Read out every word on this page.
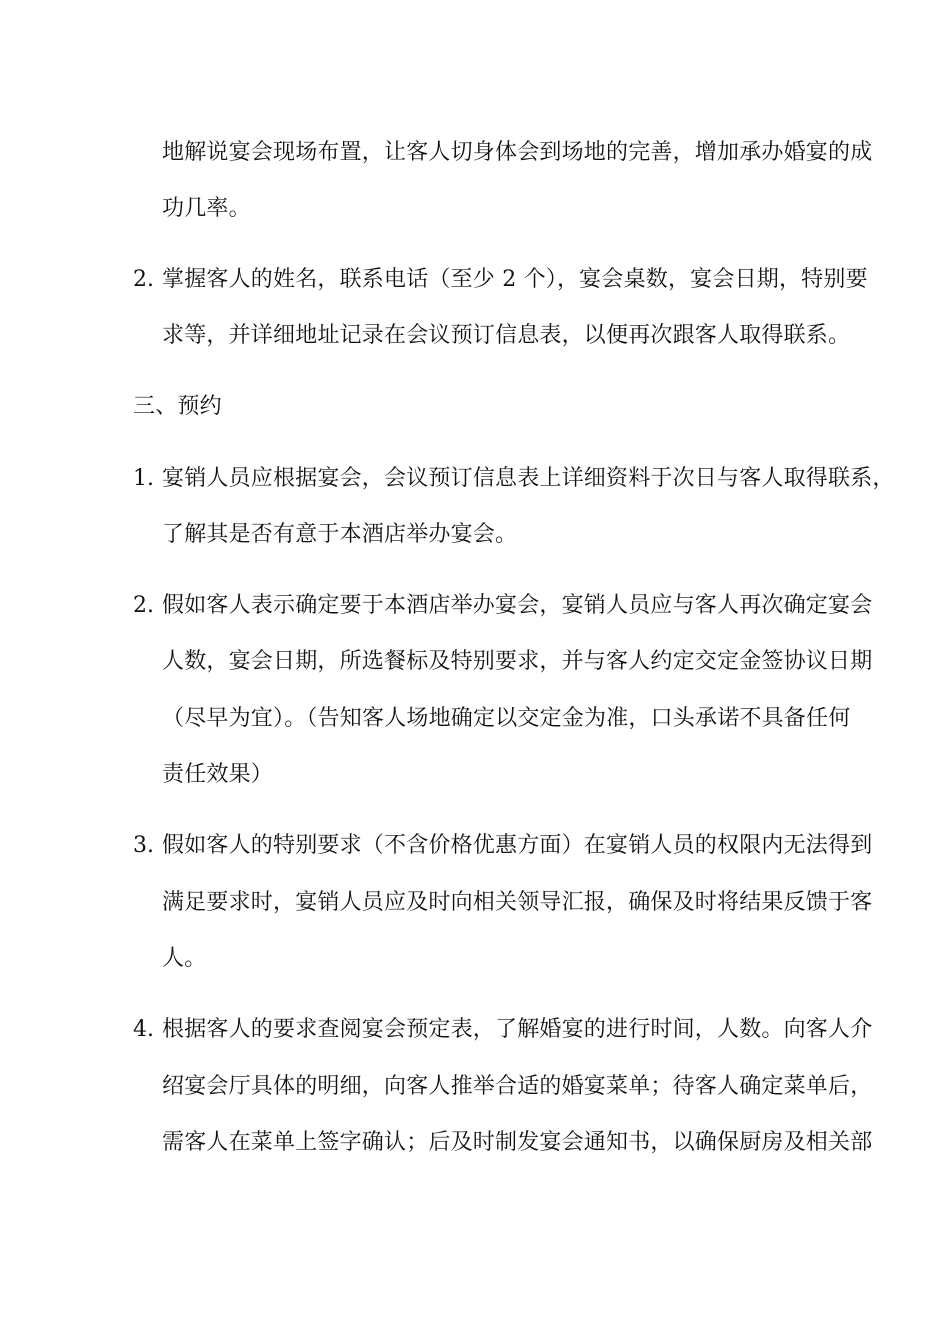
地解说宴会现场布置，让客人切身体会到场地的完善，增加承办婚宴的成
功几率。
2. 掌握客人的姓名，联系电话（至少 2 个），宴会桌数，宴会日期，特别要
求等，并详细地址记录在会议预订信息表，以便再次跟客人取得联系。
三、预约
1. 宴销人员应根据宴会，会议预订信息表上详细资料于次日与客人取得联系，
了解其是否有意于本酒店举办宴会。
2. 假如客人表示确定要于本酒店举办宴会，宴销人员应与客人再次确定宴会
人数，宴会日期，所选餐标及特别要求，并与客人约定交定金签协议日期
（尽早为宜）。（告知客人场地确定以交定金为准，口头承诺不具备任何
责任效果）
3. 假如客人的特别要求（不含价格优惠方面）在宴销人员的权限内无法得到
满足要求时，宴销人员应及时向相关领导汇报，确保及时将结果反馈于客
人。
4. 根据客人的要求查阅宴会预定表，了解婚宴的进行时间，人数。向客人介
绍宴会厅具体的明细，向客人推举合适的婚宴菜单；待客人确定菜单后，
需客人在菜单上签字确认；后及时制发宴会通知书，以确保厨房及相关部
